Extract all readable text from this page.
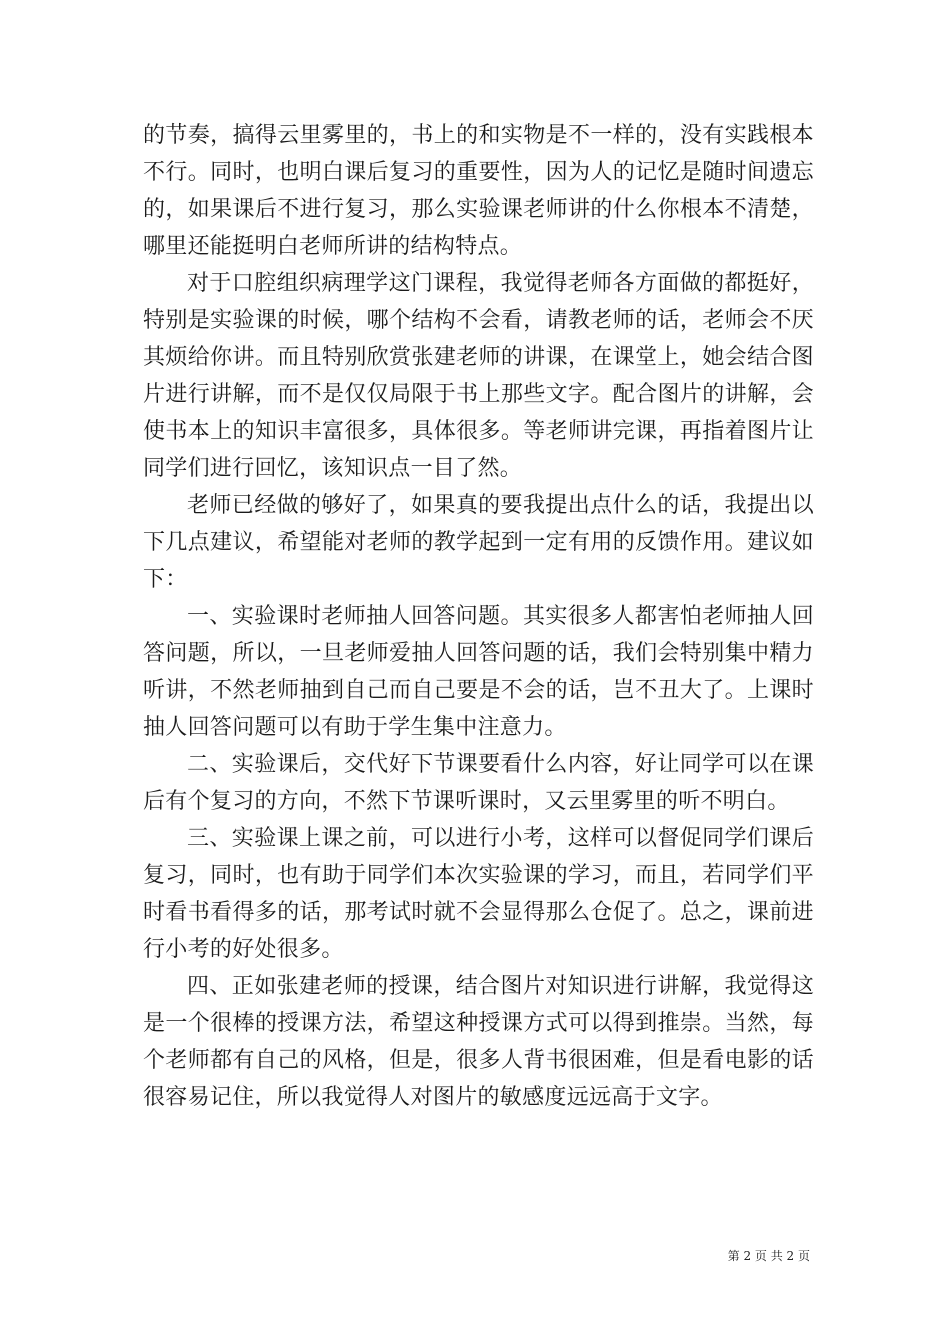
的节奏，搞得云里雾里的，书上的和实物是不一样的，没有实践根本不行。同时，也明白课后复习的重要性，因为人的记忆是随时间遗忘的，如果课后不进行复习，那么实验课老师讲的什么你根本不清楚，哪里还能挺明白老师所讲的结构特点。

对于口腔组织病理学这门课程，我觉得老师各方面做的都挺好，特别是实验课的时候，哪个结构不会看，请教老师的话，老师会不厌其烦给你讲。而且特别欣赏张建老师的讲课，在课堂上，她会结合图片进行讲解，而不是仅仅局限于书上那些文字。配合图片的讲解，会使书本上的知识丰富很多，具体很多。等老师讲完课，再指着图片让同学们进行回忆，该知识点一目了然。

老师已经做的够好了，如果真的要我提出点什么的话，我提出以下几点建议，希望能对老师的教学起到一定有用的反馈作用。建议如下：

一、实验课时老师抽人回答问题。其实很多人都害怕老师抽人回答问题，所以，一旦老师爱抽人回答问题的话，我们会特别集中精力听讲，不然老师抽到自己而自己要是不会的话，岂不丑大了。上课时抽人回答问题可以有助于学生集中注意力。

二、实验课后，交代好下节课要看什么内容，好让同学可以在课后有个复习的方向，不然下节课听课时，又云里雾里的听不明白。

三、实验课上课之前，可以进行小考，这样可以督促同学们课后复习，同时，也有助于同学们本次实验课的学习，而且，若同学们平时看书看得多的话，那考试时就不会显得那么仓促了。总之，课前进行小考的好处很多。

四、正如张建老师的授课，结合图片对知识进行讲解，我觉得这是一个很棒的授课方法，希望这种授课方式可以得到推崇。当然，每个老师都有自己的风格，但是，很多人背书很困难，但是看电影的话很容易记住，所以我觉得人对图片的敏感度远远高于文字。

第 2 页 共 2 页
